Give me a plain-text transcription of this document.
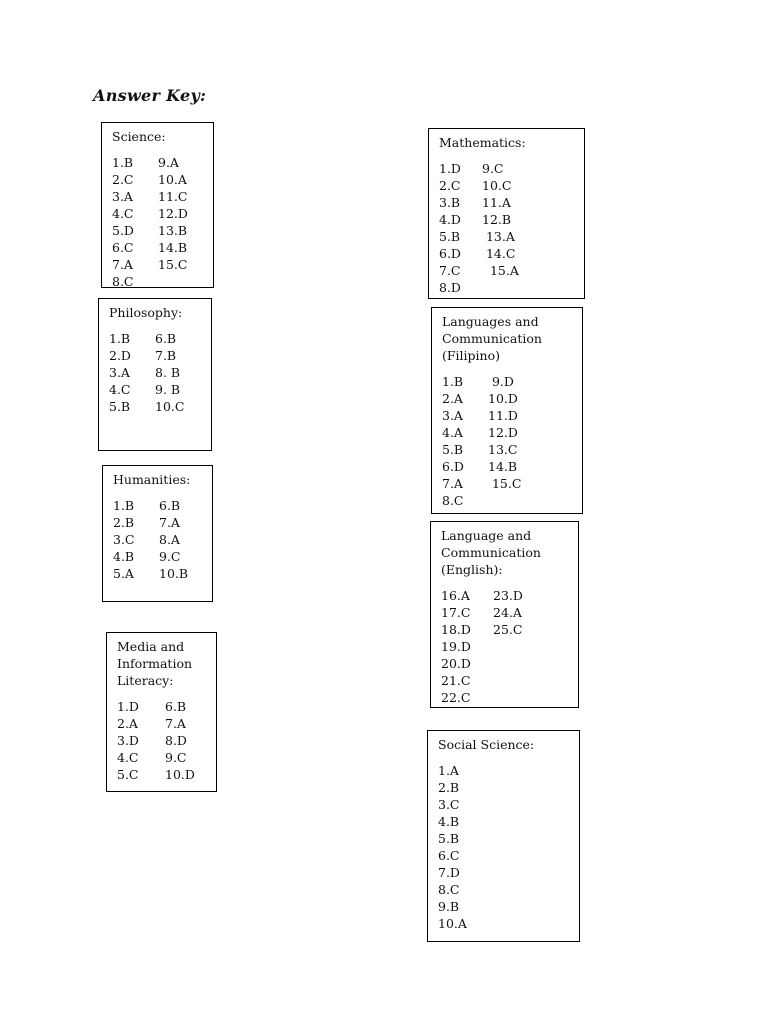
Answer Key:
Science:
1.B	9.A
2.C	10.A
3.A	11.C
4.C	12.D
5.D	13.B
6.C	14.B
7.A	15.C
8.C
Philosophy:
1.B	6.B
2.D	7.B
3.A	8. B
4.C	9. B
5.B	10.C
Humanities:
1.B	6.B
2.B	7.A
3.C	8.A
4.B	9.C
5.A	10.B
Media and
Information
Literacy:
1.D	6.B
2.A	7.A
3.D	8.D
4.C	9.C
5.C	10.D
Mathematics:
1.D	9.C
2.C	10.C
3.B	11.A
4.D	12.B
5.B	13.A
6.D	14.C
7.C	15.A
8.D
Languages and
Communication
(Filipino)
1.B	9.D
2.A	10.D
3.A	11.D
4.A	12.D
5.B	13.C
6.D	14.B
7.A	15.C
8.C
Language and
Communication
(English):
16.A	23.D
17.C	24.A
18.D	25.C
19.D
20.D
21.C
22.C
Social Science:
1.A
2.B
3.C
4.B
5.B
6.C
7.D
8.C
9.B
10.A
